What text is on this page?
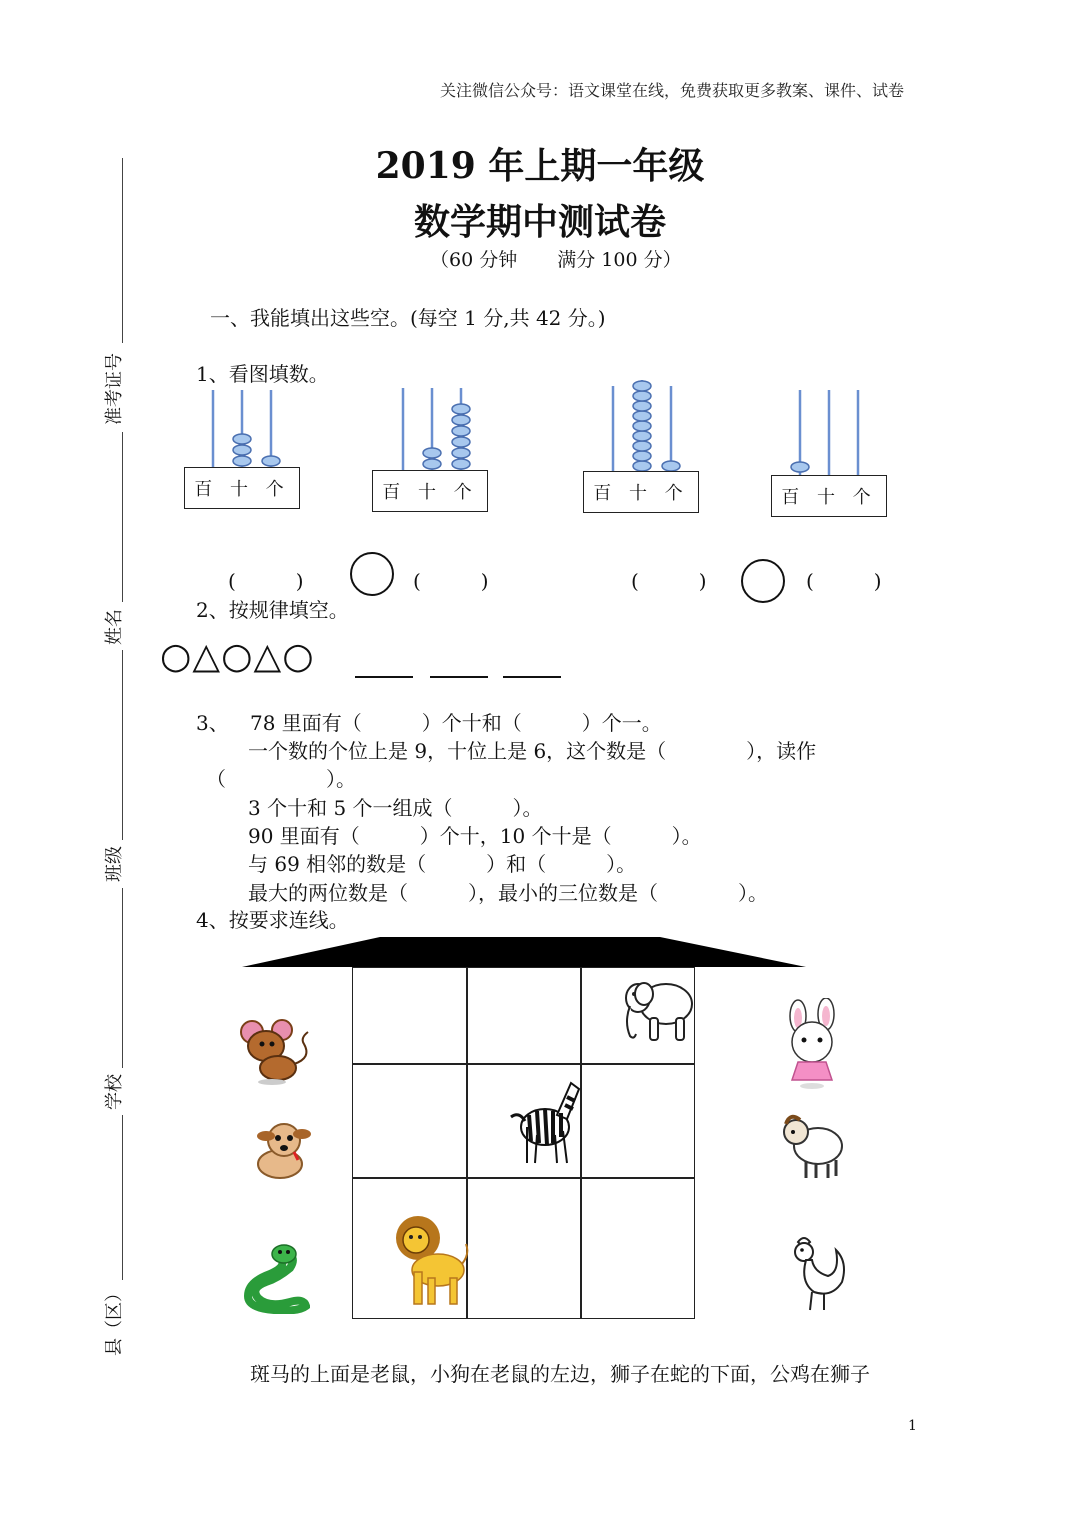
关注微信公众号：语文课堂在线，免费获取更多教案、课件、试卷
2019 年上期一年级
数学期中测试卷
（60 分钟 满分 100 分）
准考证号
姓名
班级
学校
县（区）
一、我能填出这些空。(每空 1 分,共 42 分。)
1、看图填数。
百 十 个	百 十 个	百 十 个	百 十 个
(　　　)	(　　　)	(　　　)	(　　　)
2、按规律填空。
○△○△○
3、 78 里面有（　　　）个十和（　　　）个一。
一个数的个位上是 9，十位上是 6，这个数是（　　　　），读作
（　　　　　）。
3 个十和 5 个一组成（　　　）。
90 里面有（　　　）个十，10 个十是（　　　）。
与 69 相邻的数是（　　　）和（　　　）。
最大的两位数是（　　　），最小的三位数是（　　　　）。
4、按要求连线。
斑马的上面是老鼠，小狗在老鼠的左边，狮子在蛇的下面，公鸡在狮子
1
